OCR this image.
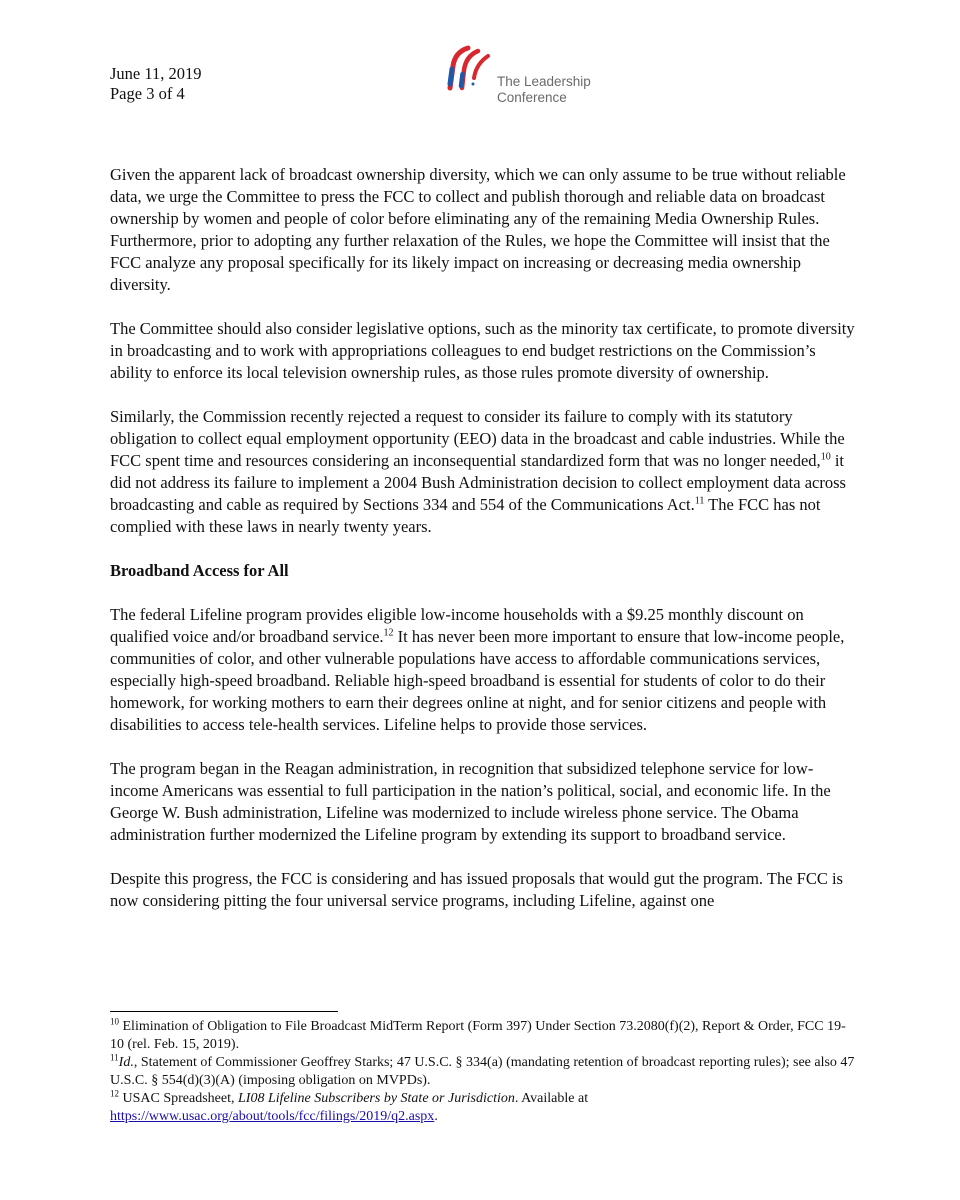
June 11, 2019
Page 3 of 4
The Leadership
Conference

Given the apparent lack of broadcast ownership diversity, which we can only assume to be true without reliable data, we urge the Committee to press the FCC to collect and publish thorough and reliable data on broadcast ownership by women and people of color before eliminating any of the remaining Media Ownership Rules. Furthermore, prior to adopting any further relaxation of the Rules, we hope the Committee will insist that the FCC analyze any proposal specifically for its likely impact on increasing or decreasing media ownership diversity.

The Committee should also consider legislative options, such as the minority tax certificate, to promote diversity in broadcasting and to work with appropriations colleagues to end budget restrictions on the Commission’s ability to enforce its local television ownership rules, as those rules promote diversity of ownership.

Similarly, the Commission recently rejected a request to consider its failure to comply with its statutory obligation to collect equal employment opportunity (EEO) data in the broadcast and cable industries. While the FCC spent time and resources considering an inconsequential standardized form that was no longer needed,$^{10}$ it did not address its failure to implement a 2004 Bush Administration decision to collect employment data across broadcasting and cable as required by Sections 334 and 554 of the Communications Act.$^{11}$ The FCC has not complied with these laws in nearly twenty years.

Broadband Access for All

The federal Lifeline program provides eligible low-income households with a $9.25 monthly discount on qualified voice and/or broadband service.$^{12}$ It has never been more important to ensure that low-income people, communities of color, and other vulnerable populations have access to affordable communications services, especially high-speed broadband. Reliable high-speed broadband is essential for students of color to do their homework, for working mothers to earn their degrees online at night, and for senior citizens and people with disabilities to access tele-health services. Lifeline helps to provide those services.

The program began in the Reagan administration, in recognition that subsidized telephone service for low-income Americans was essential to full participation in the nation’s political, social, and economic life. In the George W. Bush administration, Lifeline was modernized to include wireless phone service. The Obama administration further modernized the Lifeline program by extending its support to broadband service.

Despite this progress, the FCC is considering and has issued proposals that would gut the program. The FCC is now considering pitting the four universal service programs, including Lifeline, against one

$^{10}$ Elimination of Obligation to File Broadcast MidTerm Report (Form 397) Under Section 73.2080(f)(2), Report & Order, FCC 19-10 (rel. Feb. 15, 2019).

$^{11}$Id., Statement of Commissioner Geoffrey Starks; 47 U.S.C. § 334(a) (mandating retention of broadcast reporting rules); see also 47 U.S.C. § 554(d)(3)(A) (imposing obligation on MVPDs).

$^{12}$ USAC Spreadsheet, LI08 Lifeline Subscribers by State or Jurisdiction. Available at
https://www.usac.org/about/tools/fcc/filings/2019/q2.aspx.
